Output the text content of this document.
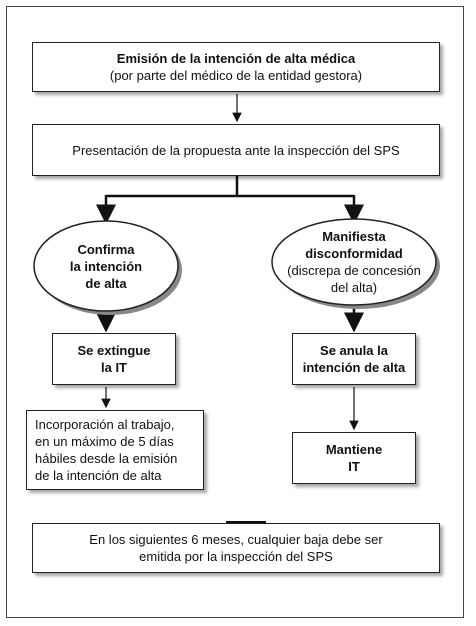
Emisión de la intención de alta médica
(por parte del médico de la entidad gestora)
Presentación de la propuesta ante la inspección del SPS
Confirma
la intención
de alta
Manifiesta
disconformidad
(discrepa de concesión
del alta)
Se extingue
la IT
Se anula la
intención de alta
Incorporación al trabajo,
en un máximo de 5 días
hábiles desde la emisión
de la intención de alta
Mantiene
IT
En los siguientes 6 meses, cualquier baja debe ser
emitida por la inspección del SPS
